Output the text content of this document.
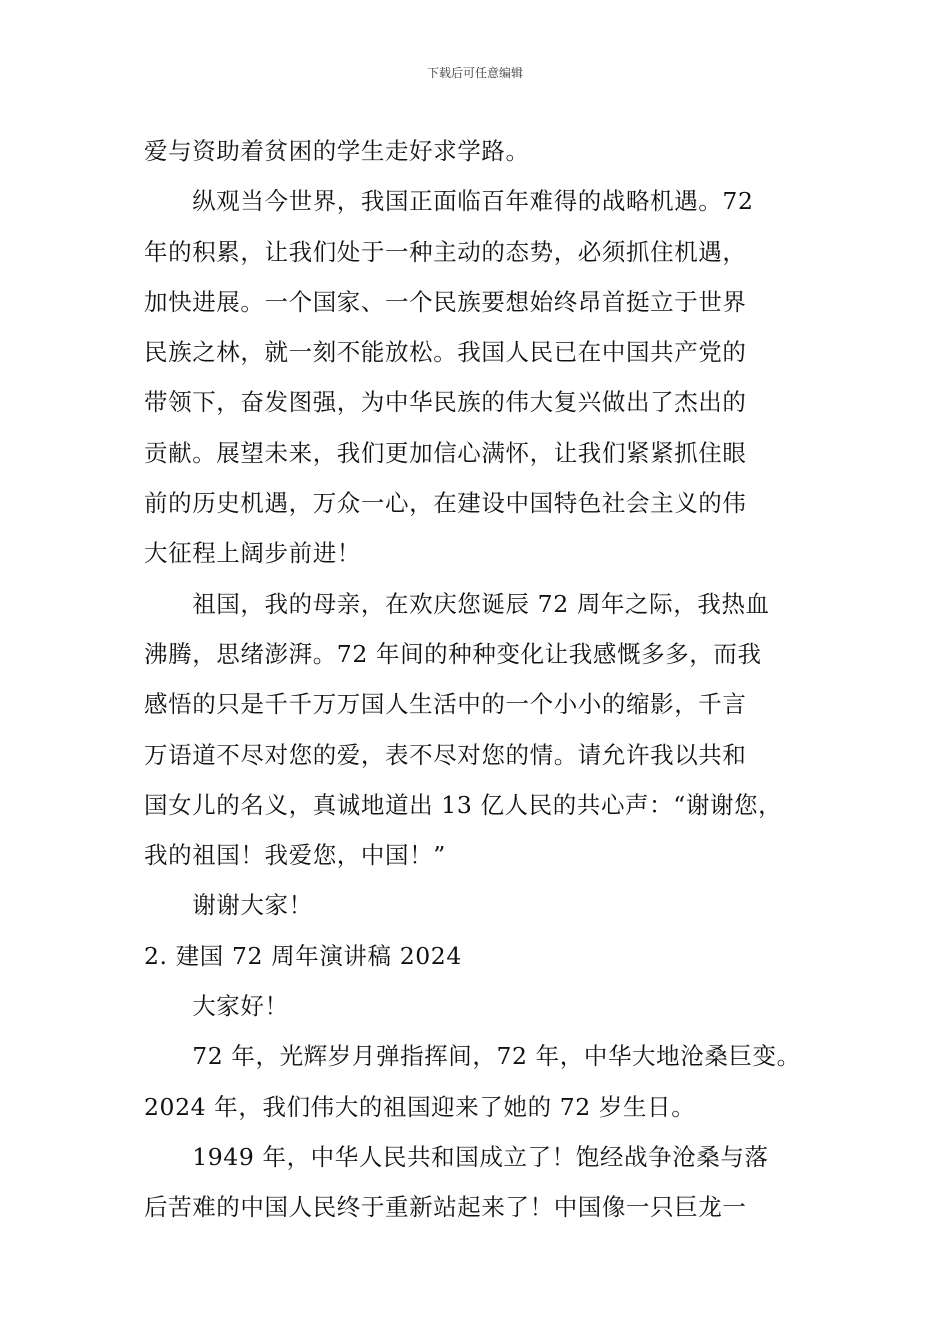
下载后可任意编辑

爱与资助着贫困的学生走好求学路。

　　纵观当今世界，我国正面临百年难得的战略机遇。72

年的积累，让我们处于一种主动的态势，必须抓住机遇，

加快进展。一个国家、一个民族要想始终昂首挺立于世界

民族之林，就一刻不能放松。我国人民已在中国共产党的

带领下，奋发图强，为中华民族的伟大复兴做出了杰出的

贡献。展望未来，我们更加信心满怀，让我们紧紧抓住眼

前的历史机遇，万众一心，在建设中国特色社会主义的伟

大征程上阔步前进！

　　祖国，我的母亲，在欢庆您诞辰 72 周年之际，我热血

沸腾，思绪澎湃。72 年间的种种变化让我感慨多多，而我

感悟的只是千千万万国人生活中的一个小小的缩影，千言

万语道不尽对您的爱，表不尽对您的情。请允许我以共和

国女儿的名义，真诚地道出 13 亿人民的共心声：“谢谢您，

我的祖国！我爱您，中国！”

　　谢谢大家！

2. 建国 72 周年演讲稿 2024

　　大家好！

　　72 年，光辉岁月弹指挥间，72 年，中华大地沧桑巨变。

2024 年，我们伟大的祖国迎来了她的 72 岁生日。

　　1949 年，中华人民共和国成立了！饱经战争沧桑与落

后苦难的中国人民终于重新站起来了！中国像一只巨龙一
